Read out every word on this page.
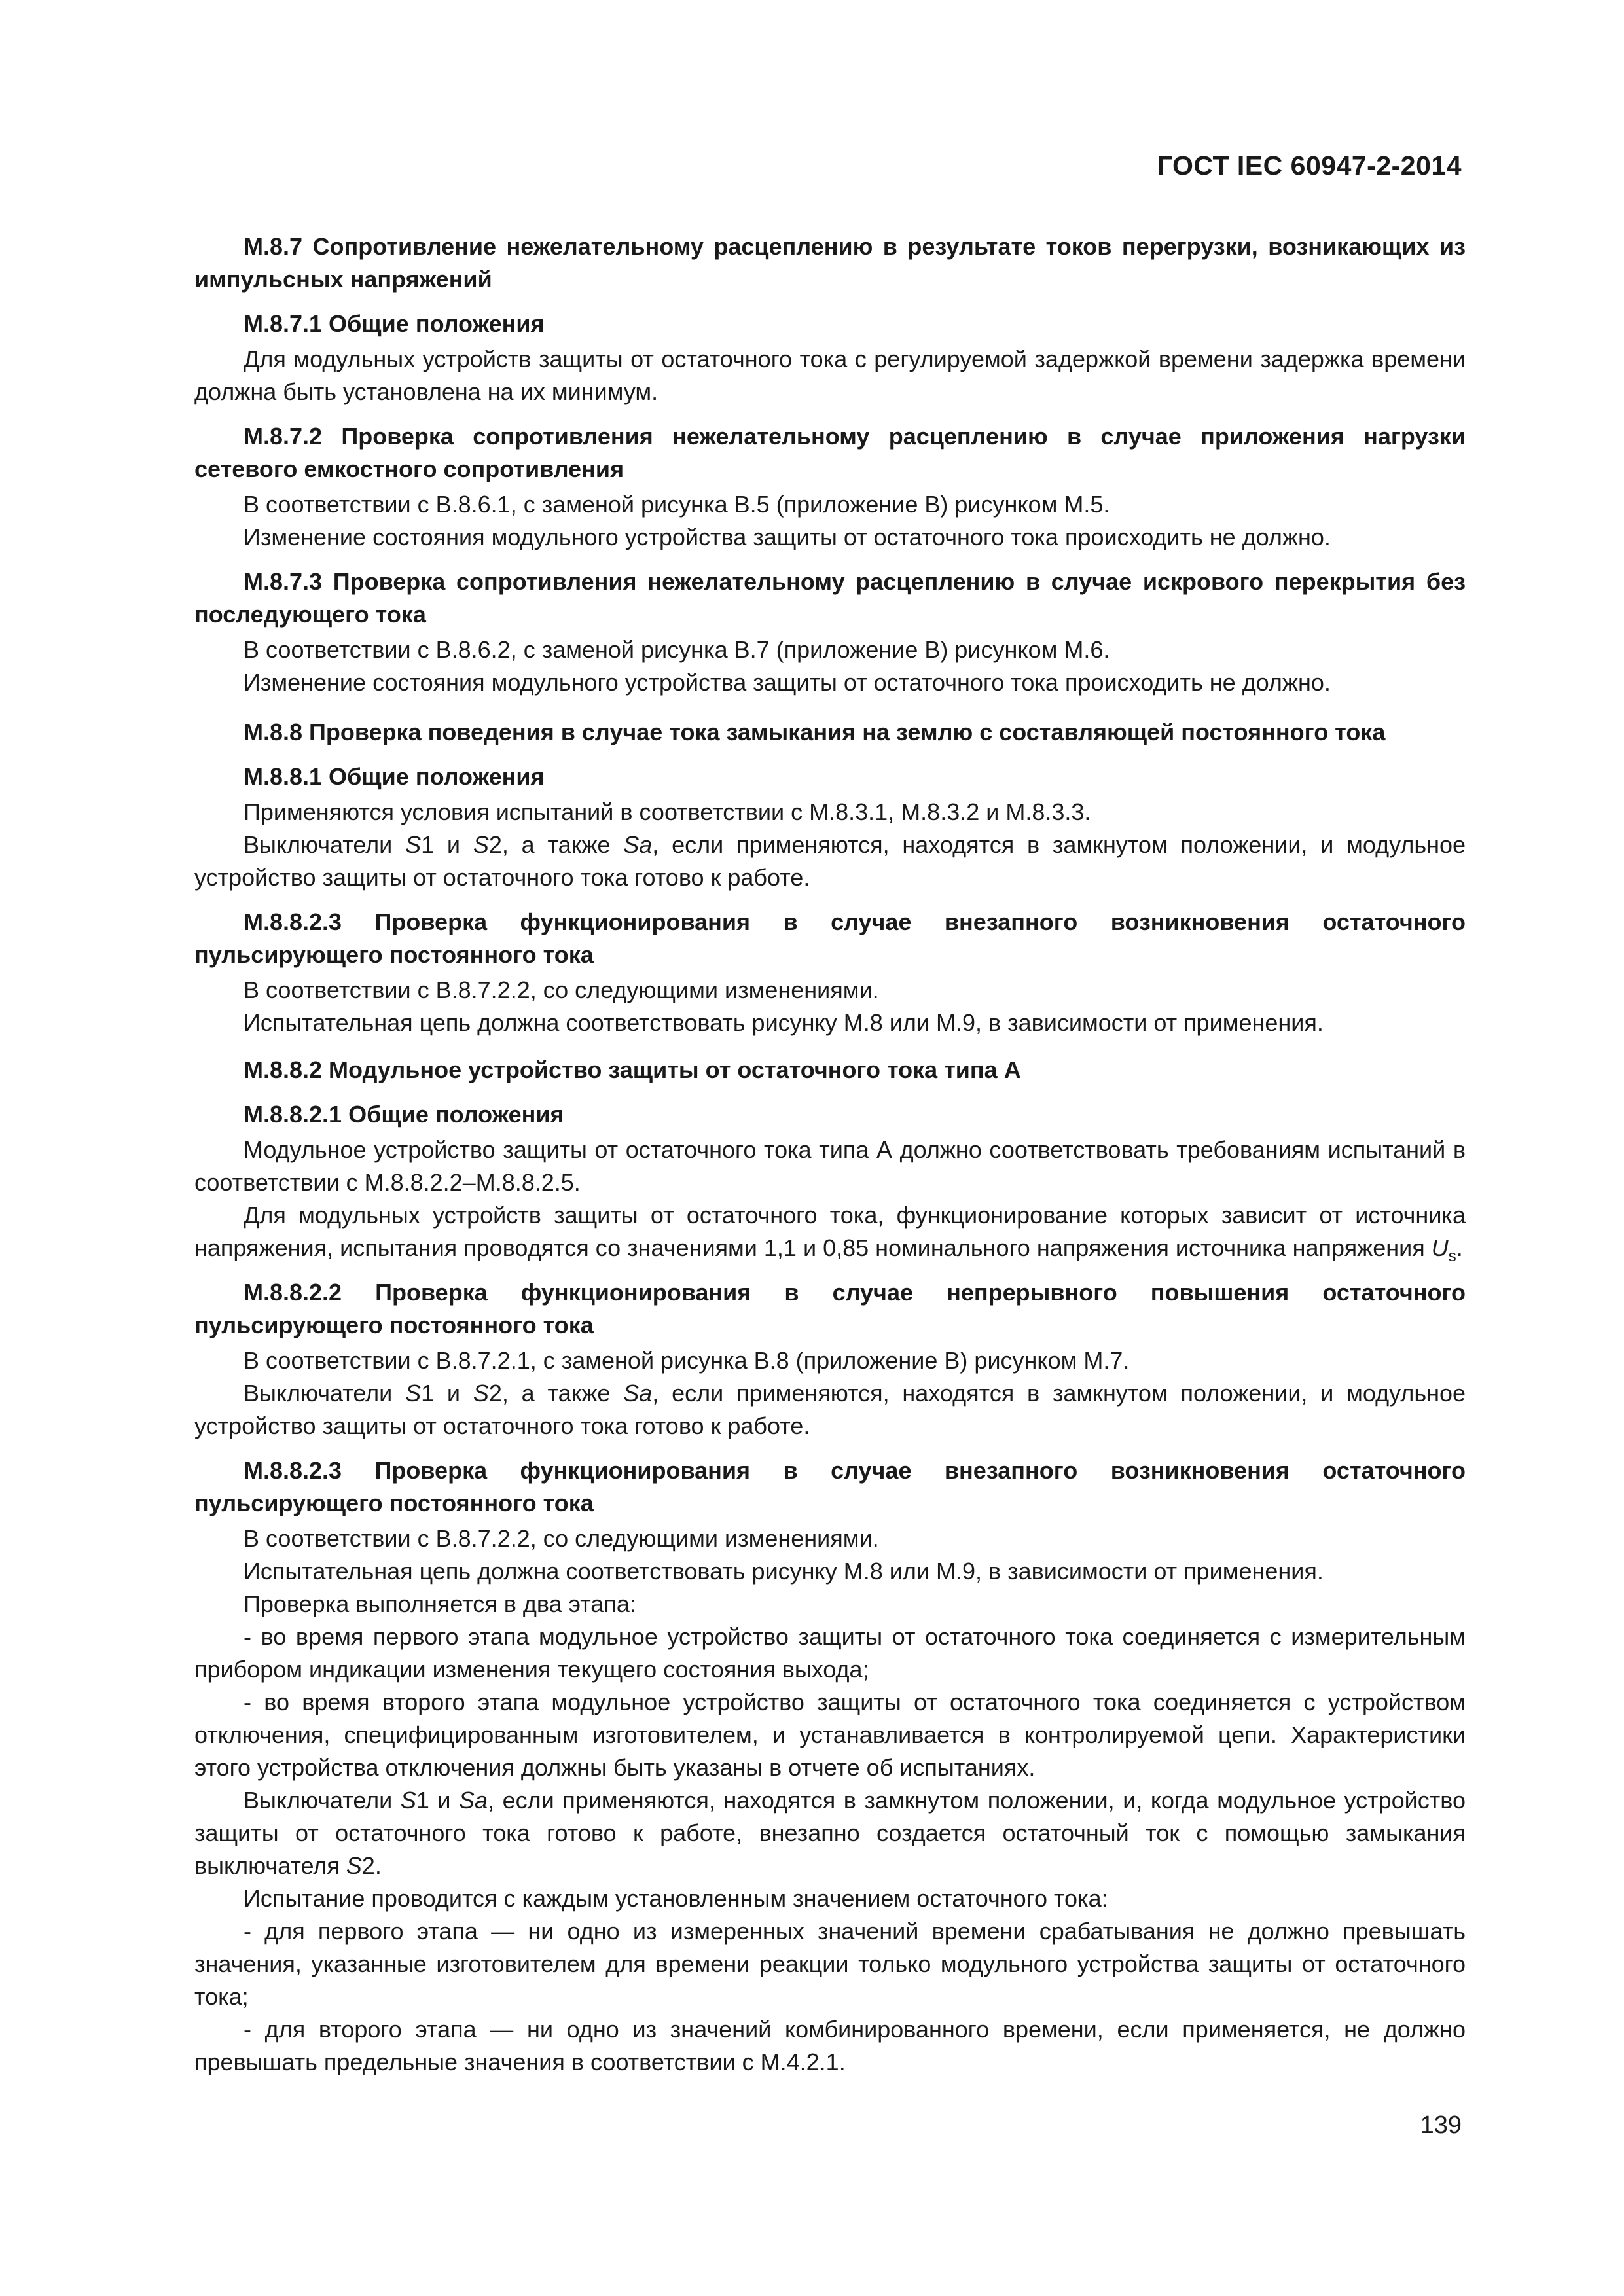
ГОСТ IEC 60947-2-2014
М.8.7 Сопротивление нежелательному расцеплению в результате токов перегрузки, возникающих из импульсных напряжений
М.8.7.1 Общие положения

Для модульных устройств защиты от остаточного тока с регулируемой задержкой времени задержка времени должна быть установлена на их минимум.

М.8.7.2 Проверка сопротивления нежелательному расцеплению в случае приложения нагрузки сетевого емкостного сопротивления

В соответствии с В.8.6.1, с заменой рисунка В.5 (приложение В) рисунком М.5.

Изменение состояния модульного устройства защиты от остаточного тока происходить не должно.

М.8.7.3 Проверка сопротивления нежелательному расцеплению в случае искрового перекрытия без последующего тока

В соответствии с В.8.6.2, с заменой рисунка В.7 (приложение В) рисунком М.6.

Изменение состояния модульного устройства защиты от остаточного тока происходить не должно.

М.8.8 Проверка поведения в случае тока замыкания на землю с составляющей постоянного тока
М.8.8.1 Общие положения

Применяются условия испытаний в соответствии с М.8.3.1, М.8.3.2 и М.8.3.3.

Выключатели S1 и S2, а также Sa, если применяются, находятся в замкнутом положении, и модульное устройство защиты от остаточного тока готово к работе.

М.8.8.2.3 Проверка функционирования в случае внезапного возникновения остаточного пульсирующего постоянного тока

В соответствии с В.8.7.2.2, со следующими изменениями.

Испытательная цепь должна соответствовать рисунку М.8 или М.9, в зависимости от применения.

М.8.8.2 Модульное устройство защиты от остаточного тока типа А
М.8.8.2.1 Общие положения

Модульное устройство защиты от остаточного тока типа А должно соответствовать требованиям испытаний в соответствии с М.8.8.2.2–М.8.8.2.5.

Для модульных устройств защиты от остаточного тока, функционирование которых зависит от источника напряжения, испытания проводятся со значениями 1,1 и 0,85 номинального напряжения источника напряжения $U_s$.

М.8.8.2.2 Проверка функционирования в случае непрерывного повышения остаточного пульсирующего постоянного тока

В соответствии с В.8.7.2.1, с заменой рисунка В.8 (приложение В) рисунком М.7.

Выключатели S1 и S2, а также Sa, если применяются, находятся в замкнутом положении, и модульное устройство защиты от остаточного тока готово к работе.

М.8.8.2.3 Проверка функционирования в случае внезапного возникновения остаточного пульсирующего постоянного тока

В соответствии с В.8.7.2.2, со следующими изменениями.

Испытательная цепь должна соответствовать рисунку М.8 или М.9, в зависимости от применения.

Проверка выполняется в два этапа:

- во время первого этапа модульное устройство защиты от остаточного тока соединяется с измерительным прибором индикации изменения текущего состояния выхода;

- во время второго этапа модульное устройство защиты от остаточного тока соединяется с устройством отключения, специфицированным изготовителем, и устанавливается в контролируемой цепи. Характеристики этого устройства отключения должны быть указаны в отчете об испытаниях.

Выключатели S1 и Sa, если применяются, находятся в замкнутом положении, и, когда модульное устройство защиты от остаточного тока готово к работе, внезапно создается остаточный ток с помощью замыкания выключателя S2.

Испытание проводится с каждым установленным значением остаточного тока:

- для первого этапа — ни одно из измеренных значений времени срабатывания не должно превышать значения, указанные изготовителем для времени реакции только модульного устройства защиты от остаточного тока;

- для второго этапа — ни одно из значений комбинированного времени, если применяется, не должно превышать предельные значения в соответствии с М.4.2.1.

139
